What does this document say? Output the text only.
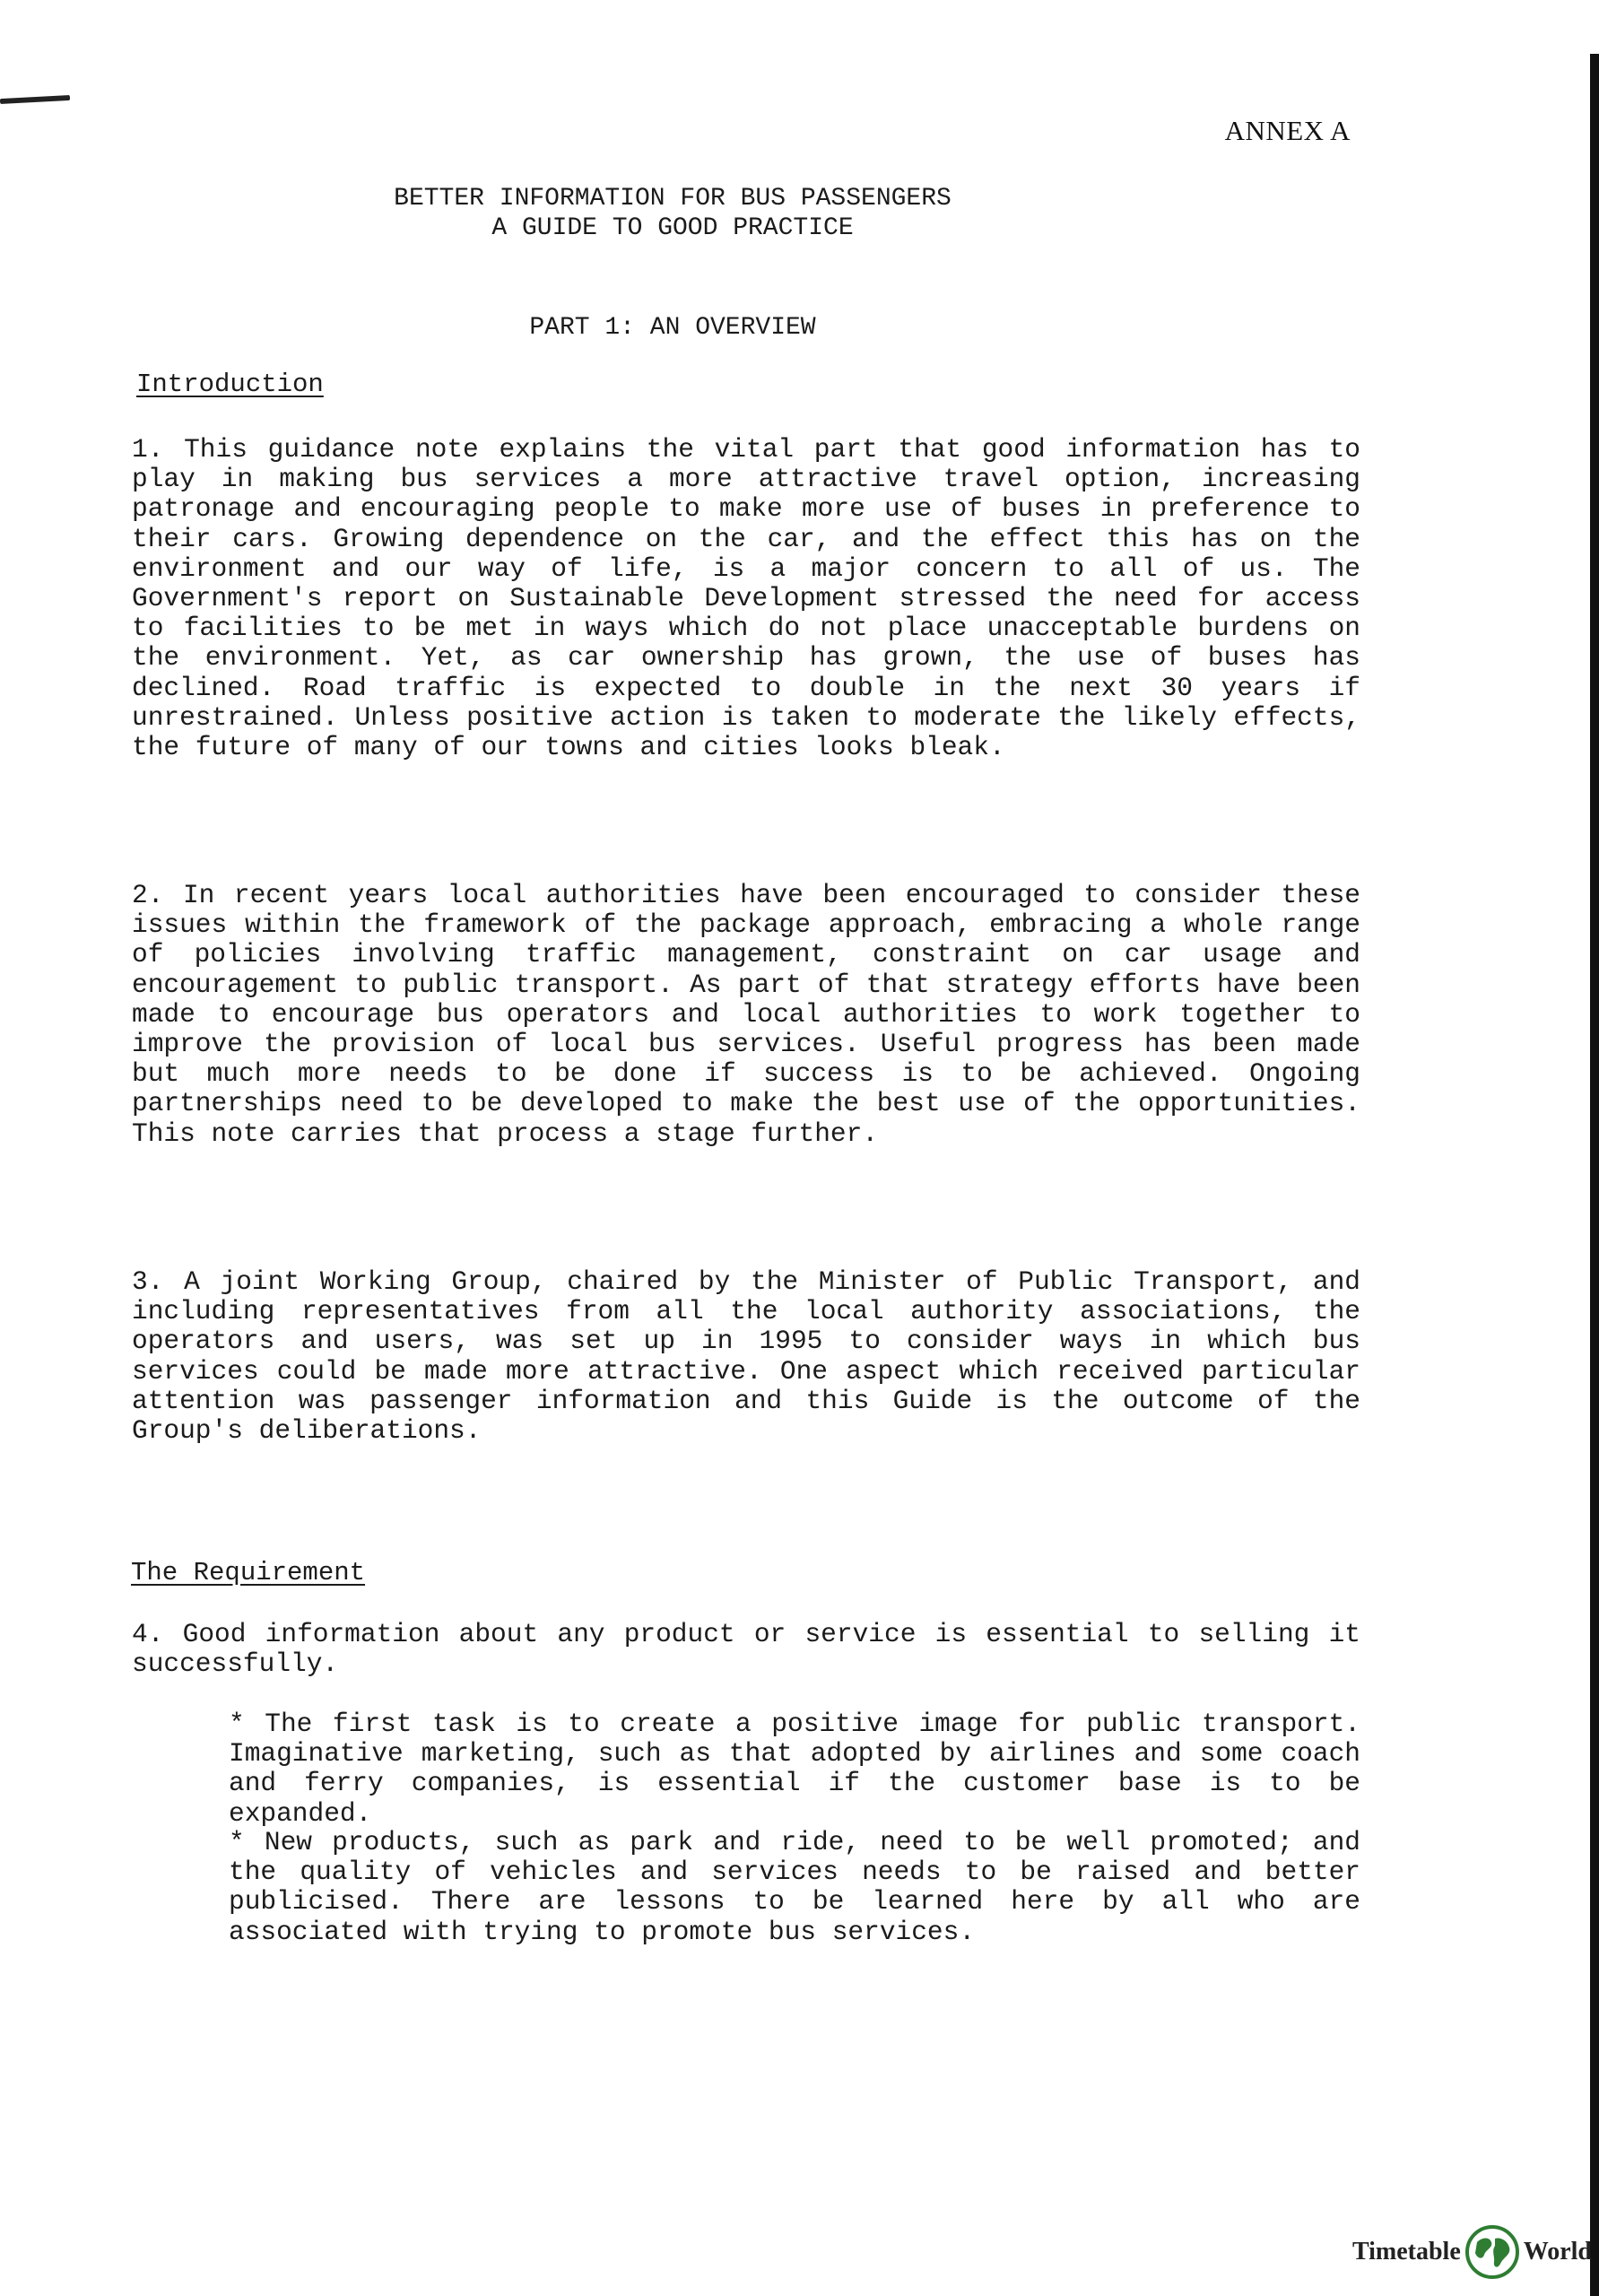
ANNEX A
BETTER INFORMATION FOR BUS PASSENGERS
A GUIDE TO GOOD PRACTICE
PART 1: AN OVERVIEW
Introduction

1. This guidance note explains the vital part that good information has to play in making bus services a more attractive travel option, increasing patronage and encouraging people to make more use of buses in preference to their cars. Growing dependence on the car, and the effect this has on the environment and our way of life, is a major concern to all of us. The Government's report on Sustainable Development stressed the need for access to facilities to be met in ways which do not place unacceptable burdens on the environment. Yet, as car ownership has grown, the use of buses has declined. Road traffic is expected to double in the next 30 years if unrestrained. Unless positive action is taken to moderate the likely effects, the future of many of our towns and cities looks bleak.

2. In recent years local authorities have been encouraged to consider these issues within the framework of the package approach, embracing a whole range of policies involving traffic management, constraint on car usage and encouragement to public transport. As part of that strategy efforts have been made to encourage bus operators and local authorities to work together to improve the provision of local bus services. Useful progress has been made but much more needs to be done if success is to be achieved. Ongoing partnerships need to be developed to make the best use of the opportunities. This note carries that process a stage further.

3. A joint Working Group, chaired by the Minister of Public Transport, and including representatives from all the local authority associations, the operators and users, was set up in 1995 to consider ways in which bus services could be made more attractive. One aspect which received particular attention was passenger information and this Guide is the outcome of the Group's deliberations.

The Requirement

4. Good information about any product or service is essential to selling it successfully.

* The first task is to create a positive image for public transport. Imaginative marketing, such as that adopted by airlines and some coach and ferry companies, is essential if the customer base is to be expanded.

* New products, such as park and ride, need to be well promoted; and the quality of vehicles and services needs to be raised and better publicised. There are lessons to be learned here by all who are associated with trying to promote bus services.

Timetable	World
